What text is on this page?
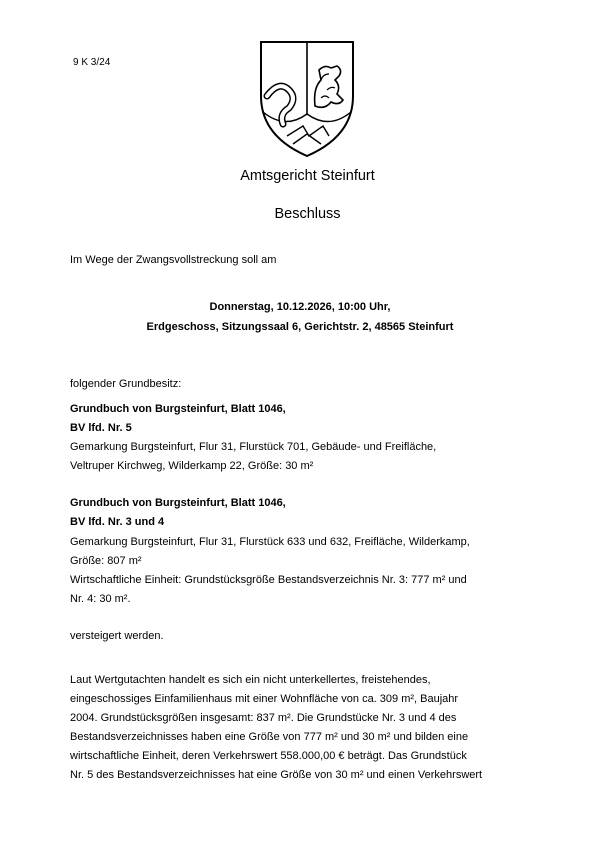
9 K 3/24
Amtsgericht Steinfurt
Beschluss
Im Wege der Zwangsvollstreckung soll am
Donnerstag, 10.12.2026, 10:00 Uhr,
Erdgeschoss, Sitzungssaal 6, Gerichtstr. 2, 48565 Steinfurt
folgender Grundbesitz:
Grundbuch von Burgsteinfurt, Blatt 1046,
BV lfd. Nr. 5
Gemarkung Burgsteinfurt, Flur 31, Flurstück 701, Gebäude- und Freifläche,
Veltruper Kirchweg, Wilderkamp 22, Größe: 30 m²
Grundbuch von Burgsteinfurt, Blatt 1046,
BV lfd. Nr. 3 und 4
Gemarkung Burgsteinfurt, Flur 31, Flurstück 633 und 632, Freifläche, Wilderkamp,
Größe: 807 m²
Wirtschaftliche Einheit: Grundstücksgröße Bestandsverzeichnis Nr. 3: 777 m² und
Nr. 4: 30 m².
versteigert werden.
Laut Wertgutachten handelt es sich ein nicht unterkellertes, freistehendes,
eingeschossiges Einfamilienhaus mit einer Wohnfläche von ca. 309 m², Baujahr
2004. Grundstücksgrößen insgesamt: 837 m². Die Grundstücke Nr. 3 und 4 des
Bestandsverzeichnisses haben eine Größe von 777 m² und 30 m² und bilden eine
wirtschaftliche Einheit, deren Verkehrswert 558.000,00 € beträgt. Das Grundstück
Nr. 5 des Bestandsverzeichnisses hat eine Größe von 30 m² und einen Verkehrswert
